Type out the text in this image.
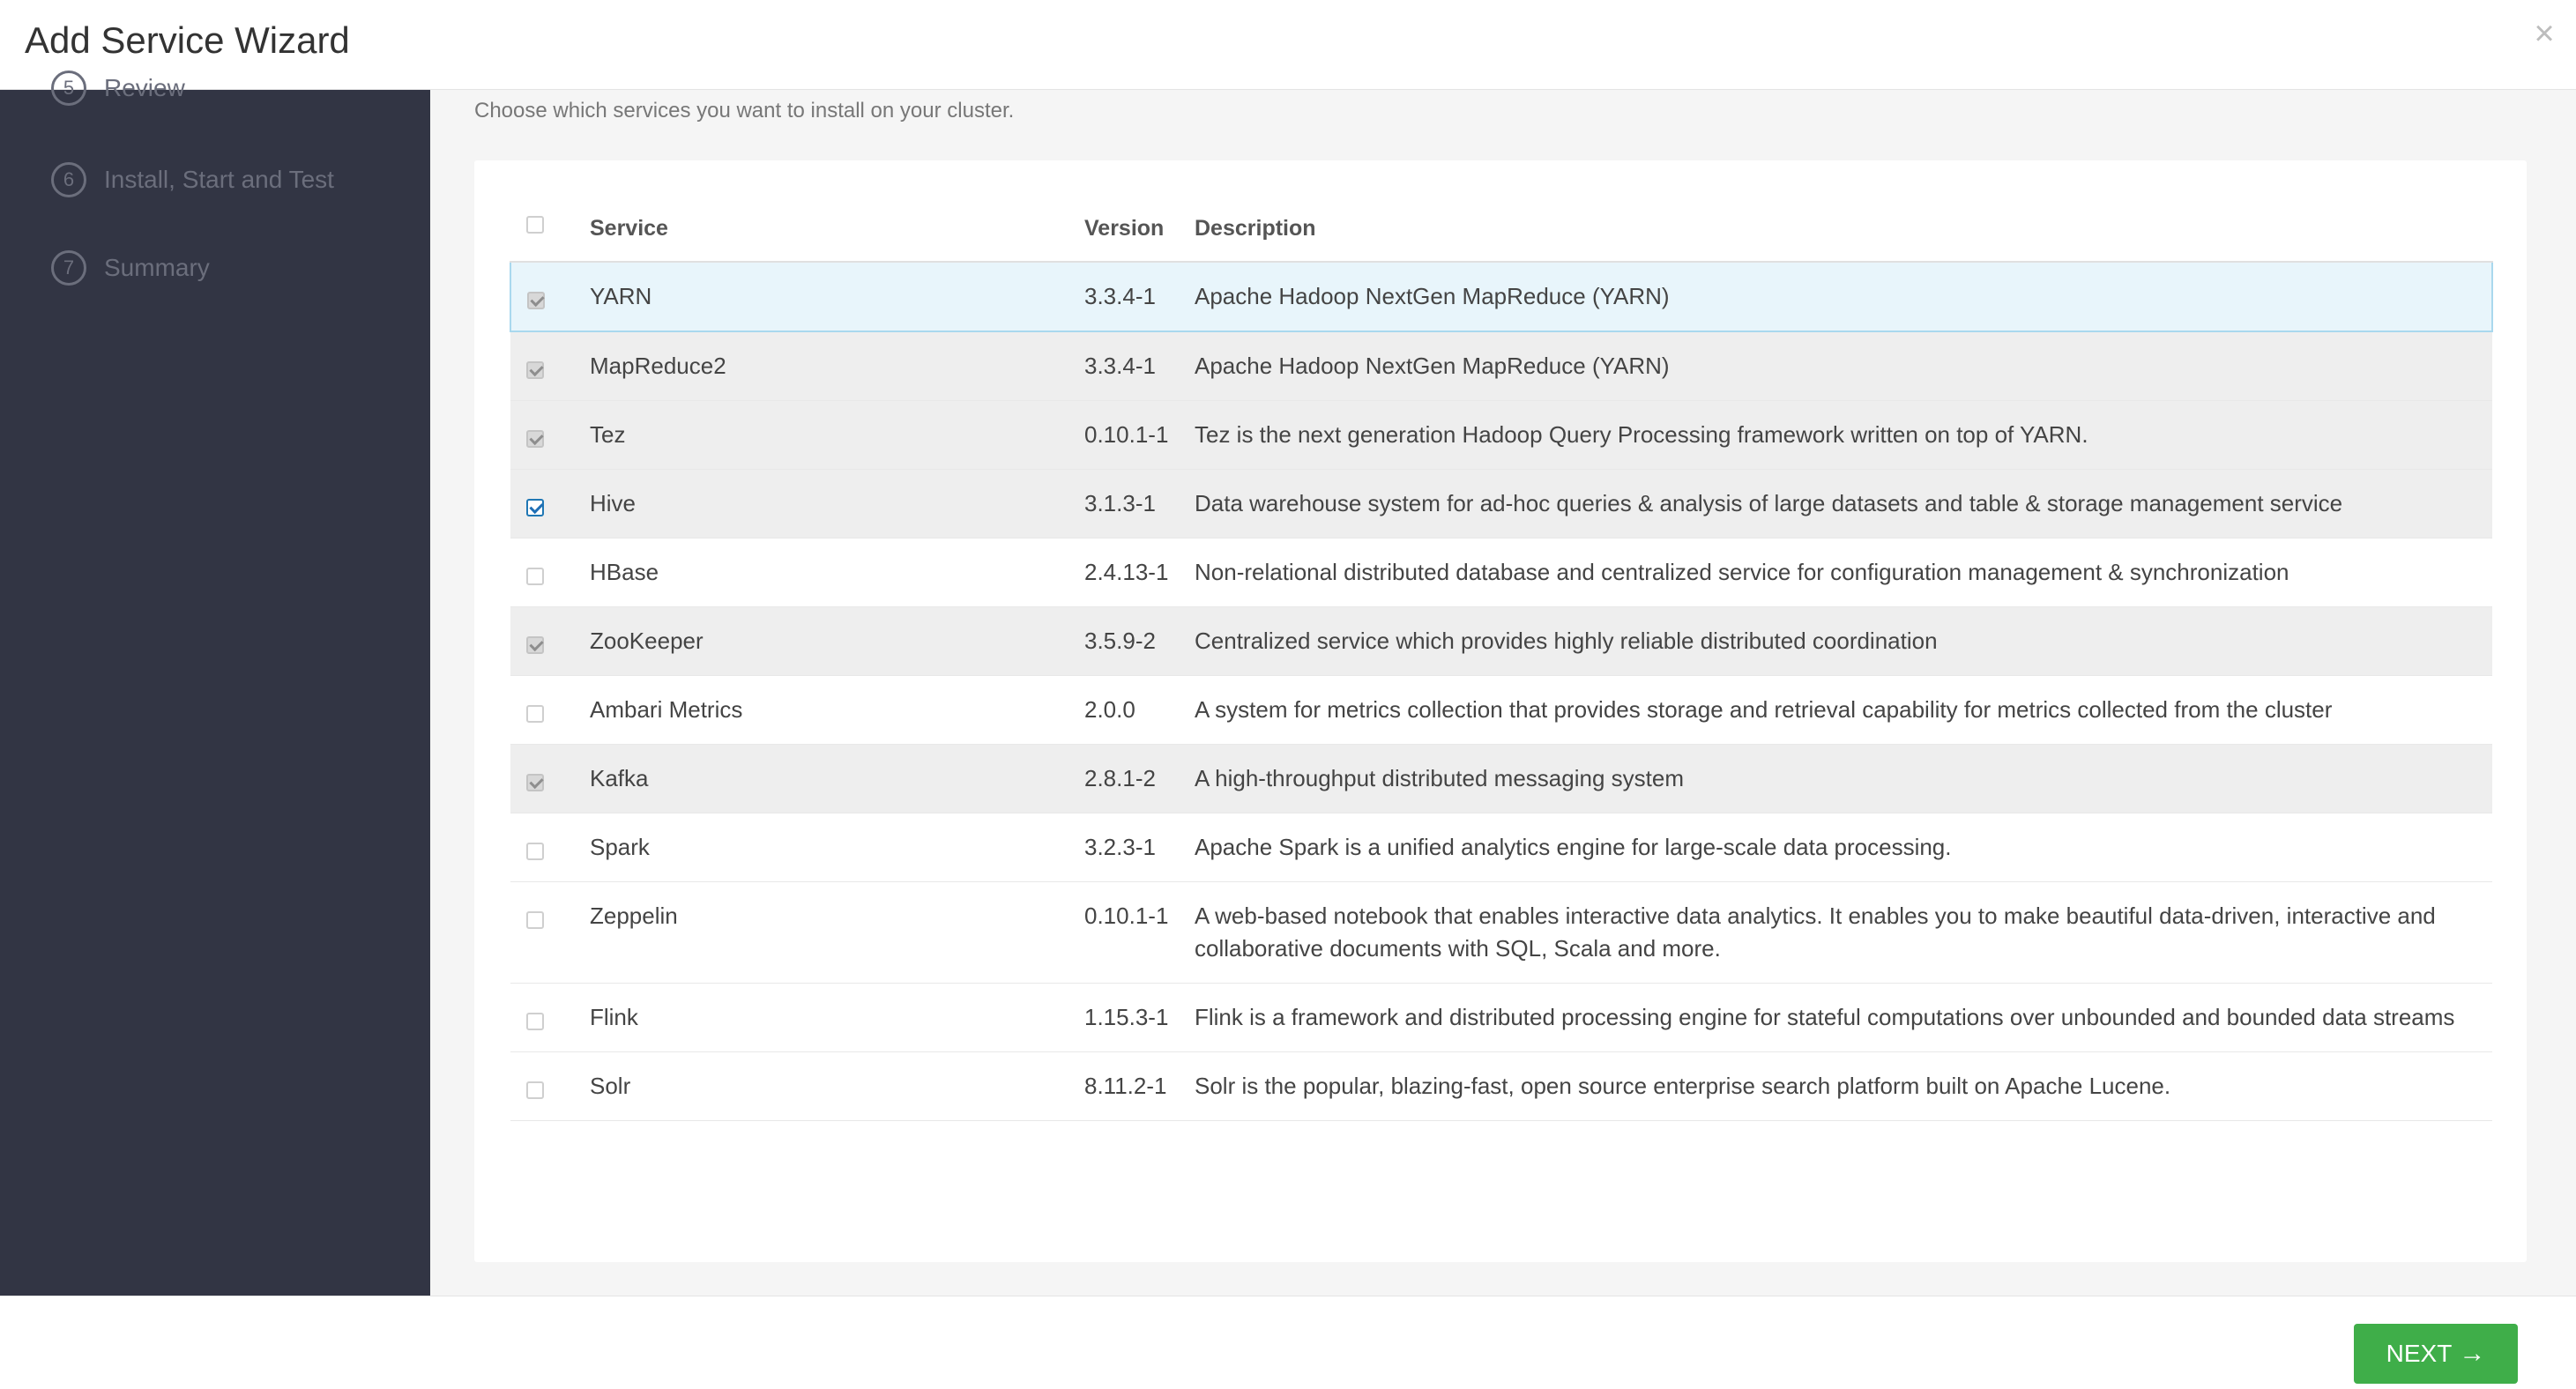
Add Service Wizard	×
5	Review
6	Install, Start and Test
7	Summary
Choose which services you want to install on your cluster.
	Service	Version	Description
	YARN	3.3.4-1	Apache Hadoop NextGen MapReduce (YARN)
	MapReduce2	3.3.4-1	Apache Hadoop NextGen MapReduce (YARN)
	Tez	0.10.1-1	Tez is the next generation Hadoop Query Processing framework written on top of YARN.
	Hive	3.1.3-1	Data warehouse system for ad-hoc queries & analysis of large datasets and table & storage management service
	HBase	2.4.13-1	Non-relational distributed database and centralized service for configuration management & synchronization
	ZooKeeper	3.5.9-2	Centralized service which provides highly reliable distributed coordination
	Ambari Metrics	2.0.0	A system for metrics collection that provides storage and retrieval capability for metrics collected from the cluster
	Kafka	2.8.1-2	A high-throughput distributed messaging system
	Spark	3.2.3-1	Apache Spark is a unified analytics engine for large-scale data processing.
	Zeppelin	0.10.1-1	A web-based notebook that enables interactive data analytics. It enables you to make beautiful data-driven, interactive and collaborative documents with SQL, Scala and more.
	Flink	1.15.3-1	Flink is a framework and distributed processing engine for stateful computations over unbounded and bounded data streams
	Solr	8.11.2-1	Solr is the popular, blazing-fast, open source enterprise search platform built on Apache Lucene.
NEXT →
